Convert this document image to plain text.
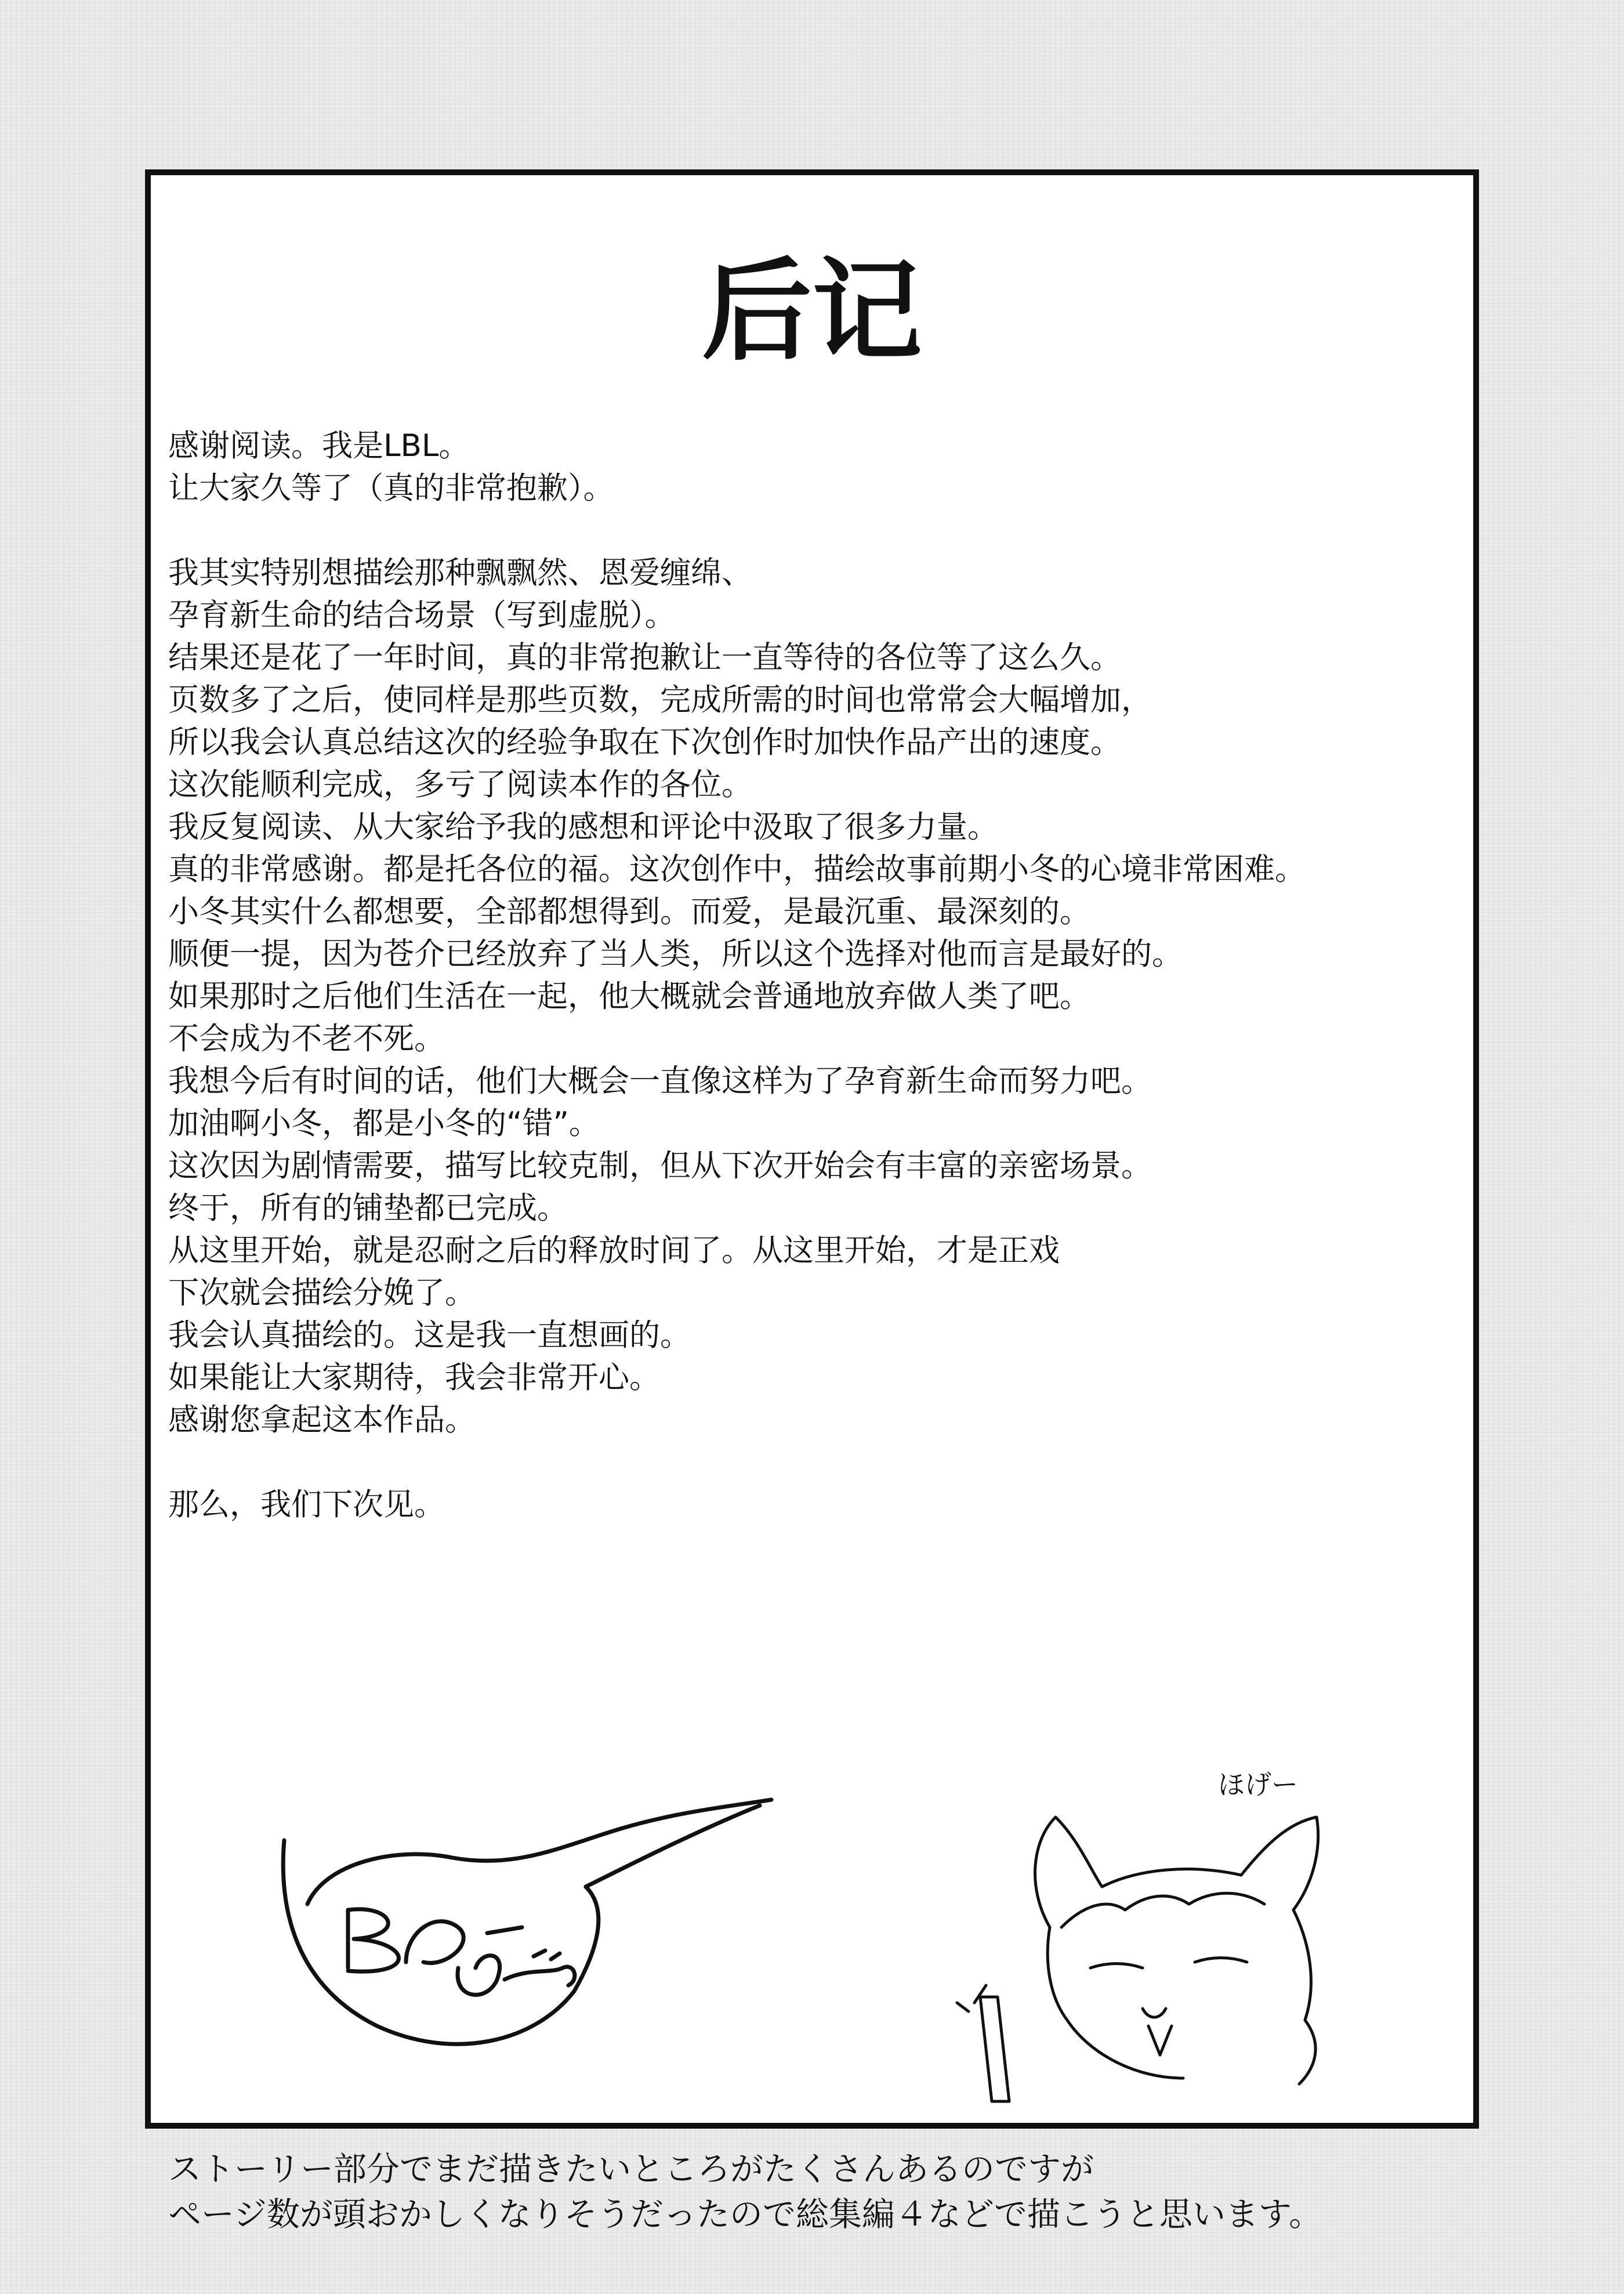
后记
感谢阅读。我是LBL。
让大家久等了（真的非常抱歉）。
我其实特别想描绘那种飘飘然、恩爱缠绵、
孕育新生命的结合场景（写到虚脱）。
结果还是花了一年时间，真的非常抱歉让一直等待的各位等了这么久。
页数多了之后，使同样是那些页数，完成所需的时间也常常会大幅增加，
所以我会认真总结这次的经验争取在下次创作时加快作品产出的速度。
这次能顺利完成，多亏了阅读本作的各位。
我反复阅读、从大家给予我的感想和评论中汲取了很多力量。
真的非常感谢。都是托各位的福。这次创作中，描绘故事前期小冬的心境非常困难。
小冬其实什么都想要，全部都想得到。而爱，是最沉重、最深刻的。
顺便一提，因为苍介已经放弃了当人类，所以这个选择对他而言是最好的。
如果那时之后他们生活在一起，他大概就会普通地放弃做人类了吧。
不会成为不老不死。
我想今后有时间的话，他们大概会一直像这样为了孕育新生命而努力吧。
加油啊小冬，都是小冬的“错”。
这次因为剧情需要，描写比较克制，但从下次开始会有丰富的亲密场景。
终于，所有的铺垫都已完成。
从这里开始，就是忍耐之后的释放时间了。从这里开始，才是正戏
下次就会描绘分娩了。
我会认真描绘的。这是我一直想画的。
如果能让大家期待，我会非常开心。
感谢您拿起这本作品。
那么，我们下次见。
ほげー
ストーリー部分でまだ描きたいところがたくさんあるのですが
ページ数が頭おかしくなりそうだったので総集編４などで描こうと思います。
